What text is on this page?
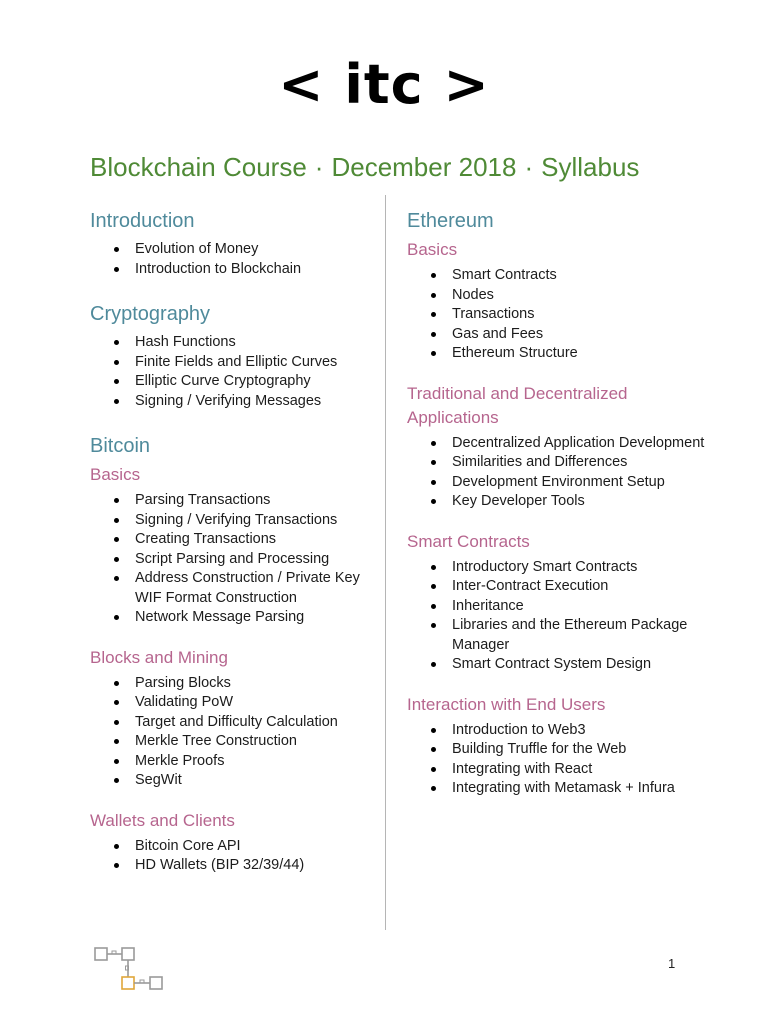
< itc >
Blockchain Course · December 2018 · Syllabus
Introduction
Evolution of Money
Introduction to Blockchain
Cryptography
Hash Functions
Finite Fields and Elliptic Curves
Elliptic Curve Cryptography
Signing / Verifying Messages
Bitcoin
Basics
Parsing Transactions
Signing / Verifying Transactions
Creating Transactions
Script Parsing and Processing
Address Construction / Private Key WIF Format Construction
Network Message Parsing
Blocks and Mining
Parsing Blocks
Validating PoW
Target and Difficulty Calculation
Merkle Tree Construction
Merkle Proofs
SegWit
Wallets and Clients
Bitcoin Core API
HD Wallets (BIP 32/39/44)
Ethereum
Basics
Smart Contracts
Nodes
Transactions
Gas and Fees
Ethereum Structure
Traditional and Decentralized Applications
Decentralized Application Development
Similarities and Differences
Development Environment Setup
Key Developer Tools
Smart Contracts
Introductory Smart Contracts
Inter-Contract Execution
Inheritance
Libraries and the Ethereum Package Manager
Smart Contract System Design
Interaction with End Users
Introduction to Web3
Building Truffle for the Web
Integrating with React
Integrating with Metamask + Infura
1
